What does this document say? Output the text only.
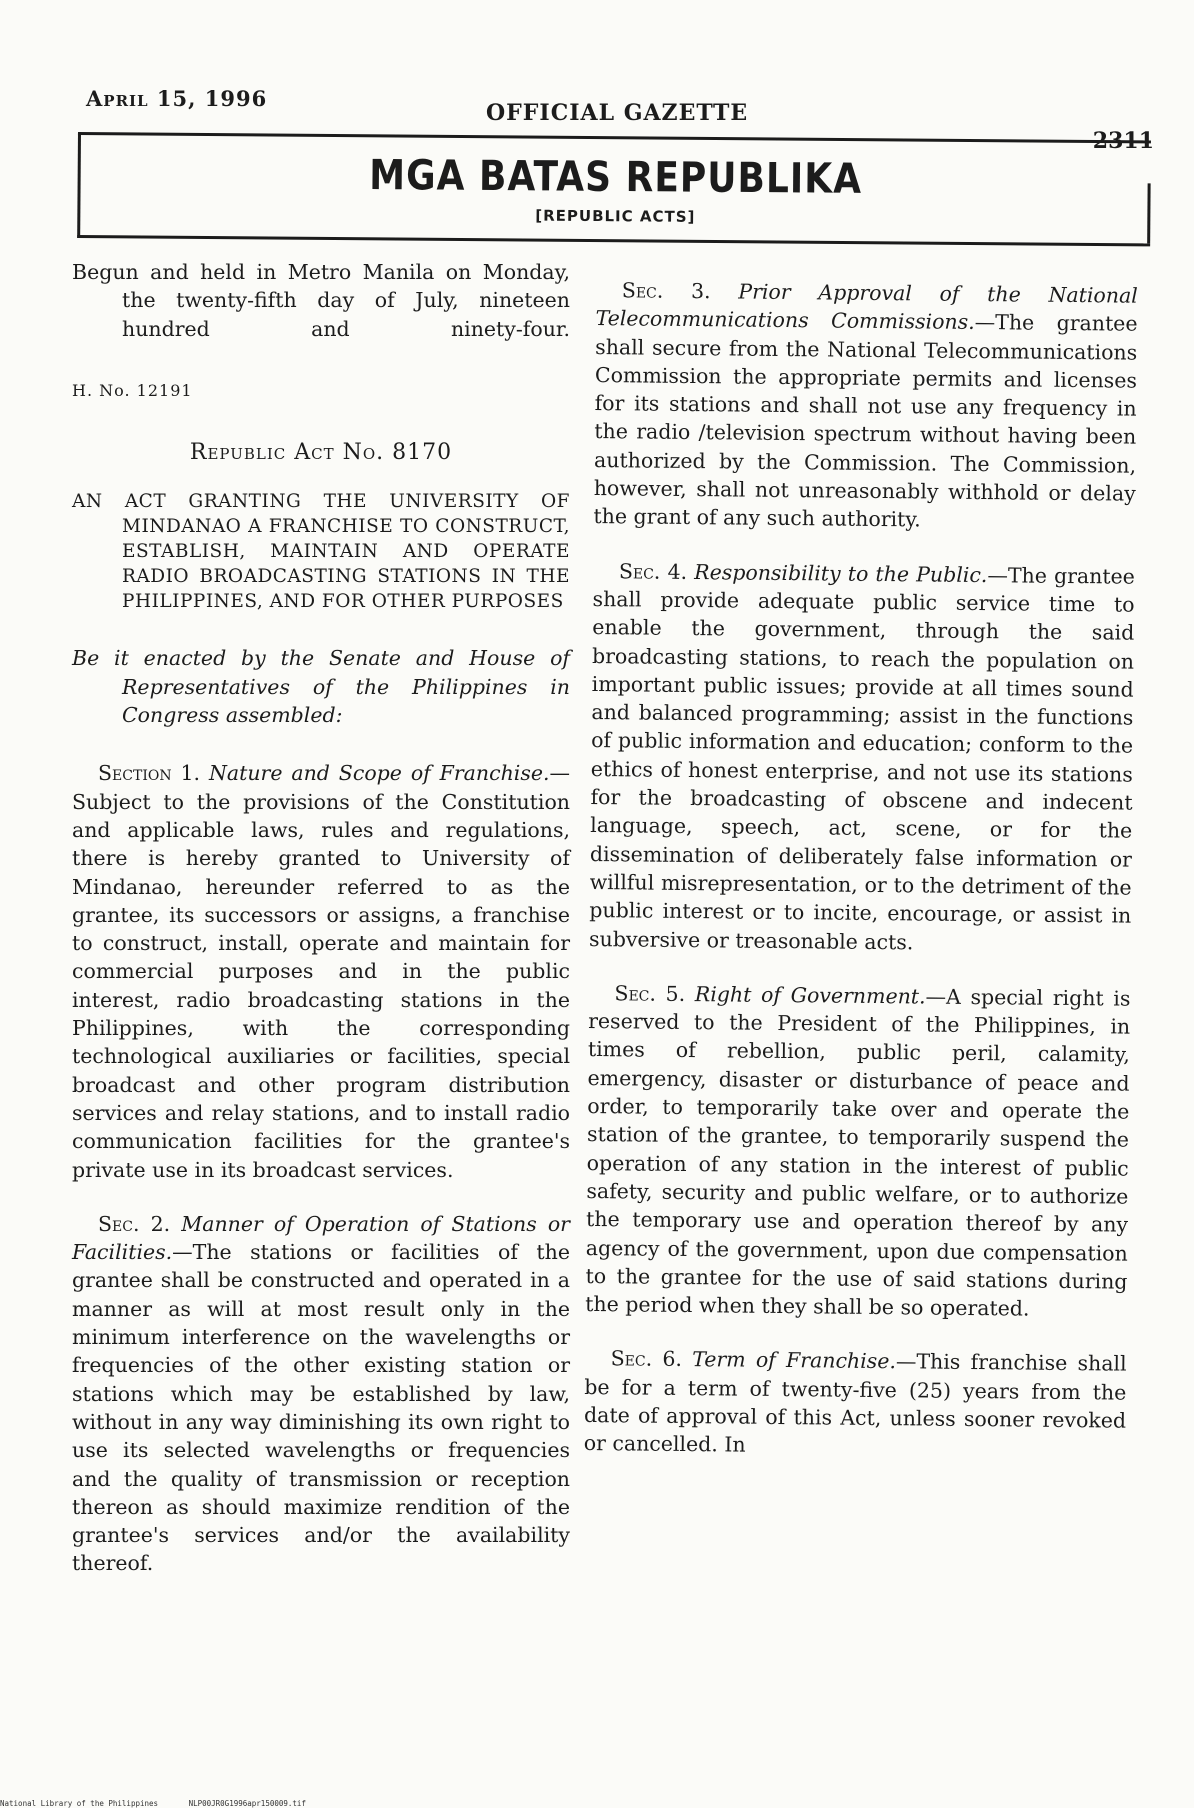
April 15, 1996
OFFICIAL GAZETTE
2311
MGA BATAS REPUBLIKA
[REPUBLIC ACTS]

Begun and held in Metro Manila on Monday, the twenty-fifth day of July, nineteen hundred and ninety-four.

H. No. 12191

Republic Act No. 8170

AN ACT GRANTING THE UNIVERSITY OF MINDANAO A FRANCHISE TO CONSTRUCT, ESTABLISH, MAINTAIN AND OPERATE RADIO BROADCASTING STATIONS IN THE PHILIPPINES, AND FOR OTHER PURPOSES

Be it enacted by the Senate and House of Representatives of the Philippines in Congress assembled:

Section 1. Nature and Scope of Franchise.—Subject to the provisions of the Constitution and applicable laws, rules and regulations, there is hereby granted to University of Mindanao, hereunder referred to as the grantee, its successors or assigns, a franchise to construct, install, operate and maintain for commercial purposes and in the public interest, radio broadcasting stations in the Philippines, with the corresponding technological auxiliaries or facilities, special broadcast and other program distribution services and relay stations, and to install radio communication facilities for the grantee's private use in its broadcast services.

Sec. 2. Manner of Operation of Stations or Facilities.—The stations or facilities of the grantee shall be constructed and operated in a manner as will at most result only in the minimum interference on the wavelengths or frequencies of the other existing station or stations which may be established by law, without in any way diminishing its own right to use its selected wavelengths or frequencies and the quality of transmission or reception thereon as should maximize rendition of the grantee's services and/or the availability thereof.

Sec. 3. Prior Approval of the National Telecommunications Commissions.—The grantee shall secure from the National Telecommunications Commission the appropriate permits and licenses for its stations and shall not use any frequency in the radio /television spectrum without having been authorized by the Commission. The Commission, however, shall not unreasonably withhold or delay the grant of any such authority.

Sec. 4. Responsibility to the Public.—The grantee shall provide adequate public service time to enable the government, through the said broadcasting stations, to reach the population on important public issues; provide at all times sound and balanced programming; assist in the functions of public information and education; conform to the ethics of honest enterprise, and not use its stations for the broadcasting of obscene and indecent language, speech, act, scene, or for the dissemination of deliberately false information or willful misrepresentation, or to the detriment of the public interest or to incite, encourage, or assist in subversive or treasonable acts.

Sec. 5. Right of Government.—A special right is reserved to the President of the Philippines, in times of rebellion, public peril, calamity, emergency, disaster or disturbance of peace and order, to temporarily take over and operate the station of the grantee, to temporarily suspend the operation of any station in the interest of public safety, security and public welfare, or to authorize the temporary use and operation thereof by any agency of the government, upon due compensation to the grantee for the use of said stations during the period when they shall be so operated.

Sec. 6. Term of Franchise.—This franchise shall be for a term of twenty-five (25) years from the date of approval of this Act, unless sooner revoked or cancelled. In

National Library of the Philippines	NLP00JR0G1996apr150009.tif
